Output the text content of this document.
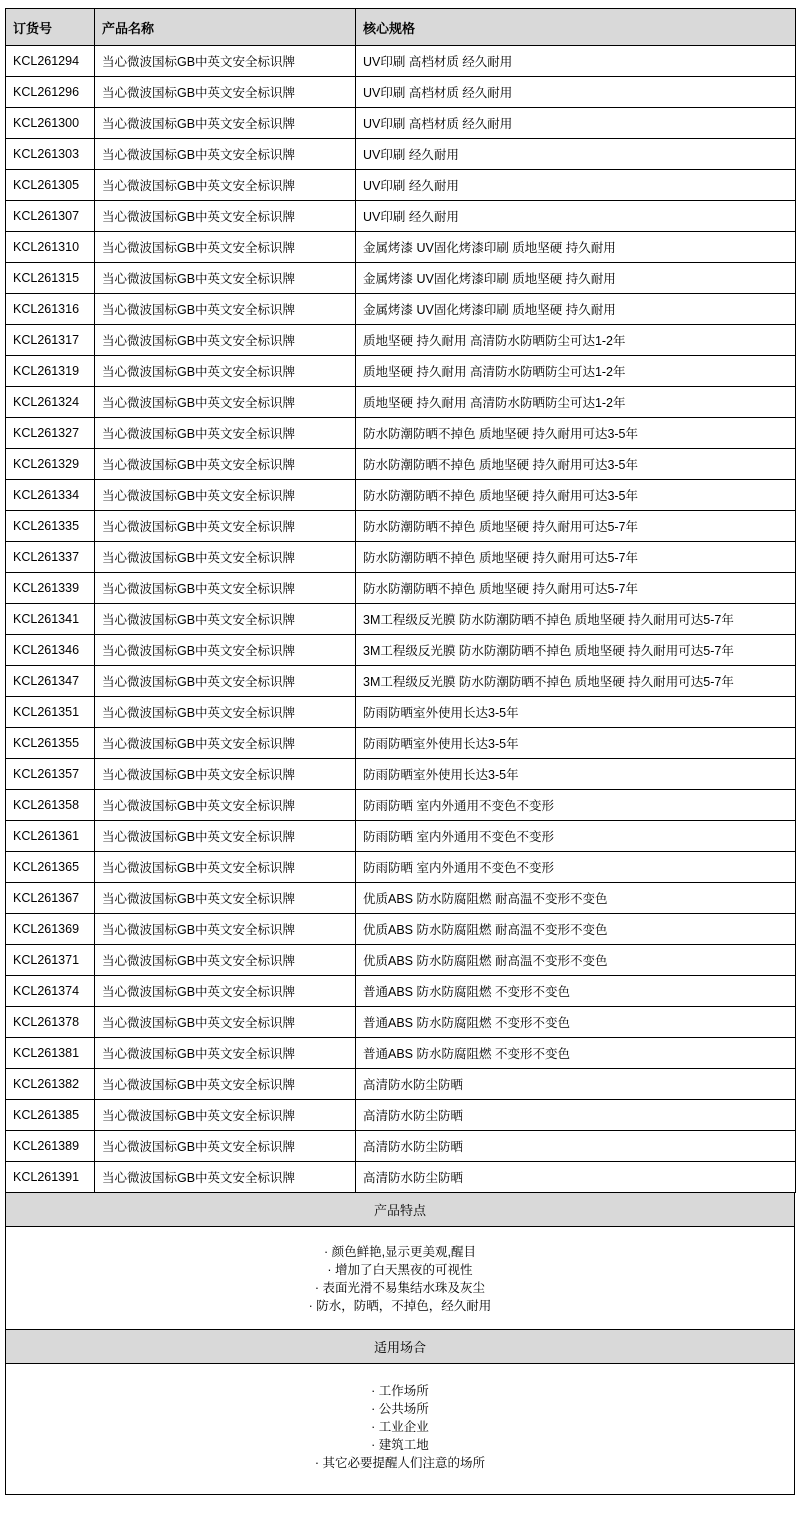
订货号	产品名称	核心规格
KCL261294	当心微波国标GB中英文安全标识牌	UV印刷 高档材质 经久耐用
KCL261296	当心微波国标GB中英文安全标识牌	UV印刷 高档材质 经久耐用
KCL261300	当心微波国标GB中英文安全标识牌	UV印刷 高档材质 经久耐用
KCL261303	当心微波国标GB中英文安全标识牌	UV印刷 经久耐用
KCL261305	当心微波国标GB中英文安全标识牌	UV印刷 经久耐用
KCL261307	当心微波国标GB中英文安全标识牌	UV印刷 经久耐用
KCL261310	当心微波国标GB中英文安全标识牌	金属烤漆 UV固化烤漆印刷 质地坚硬 持久耐用
KCL261315	当心微波国标GB中英文安全标识牌	金属烤漆 UV固化烤漆印刷 质地坚硬 持久耐用
KCL261316	当心微波国标GB中英文安全标识牌	金属烤漆 UV固化烤漆印刷 质地坚硬 持久耐用
KCL261317	当心微波国标GB中英文安全标识牌	质地坚硬 持久耐用 高清防水防晒防尘可达1-2年
KCL261319	当心微波国标GB中英文安全标识牌	质地坚硬 持久耐用 高清防水防晒防尘可达1-2年
KCL261324	当心微波国标GB中英文安全标识牌	质地坚硬 持久耐用 高清防水防晒防尘可达1-2年
KCL261327	当心微波国标GB中英文安全标识牌	防水防潮防晒不掉色 质地坚硬 持久耐用可达3-5年
KCL261329	当心微波国标GB中英文安全标识牌	防水防潮防晒不掉色 质地坚硬 持久耐用可达3-5年
KCL261334	当心微波国标GB中英文安全标识牌	防水防潮防晒不掉色 质地坚硬 持久耐用可达3-5年
KCL261335	当心微波国标GB中英文安全标识牌	防水防潮防晒不掉色 质地坚硬 持久耐用可达5-7年
KCL261337	当心微波国标GB中英文安全标识牌	防水防潮防晒不掉色 质地坚硬 持久耐用可达5-7年
KCL261339	当心微波国标GB中英文安全标识牌	防水防潮防晒不掉色 质地坚硬 持久耐用可达5-7年
KCL261341	当心微波国标GB中英文安全标识牌	3M工程级反光膜 防水防潮防晒不掉色 质地坚硬 持久耐用可达5-7年
KCL261346	当心微波国标GB中英文安全标识牌	3M工程级反光膜 防水防潮防晒不掉色 质地坚硬 持久耐用可达5-7年
KCL261347	当心微波国标GB中英文安全标识牌	3M工程级反光膜 防水防潮防晒不掉色 质地坚硬 持久耐用可达5-7年
KCL261351	当心微波国标GB中英文安全标识牌	防雨防晒室外使用长达3-5年
KCL261355	当心微波国标GB中英文安全标识牌	防雨防晒室外使用长达3-5年
KCL261357	当心微波国标GB中英文安全标识牌	防雨防晒室外使用长达3-5年
KCL261358	当心微波国标GB中英文安全标识牌	防雨防晒 室内外通用不变色不变形
KCL261361	当心微波国标GB中英文安全标识牌	防雨防晒 室内外通用不变色不变形
KCL261365	当心微波国标GB中英文安全标识牌	防雨防晒 室内外通用不变色不变形
KCL261367	当心微波国标GB中英文安全标识牌	优质ABS 防水防腐阻燃 耐高温不变形不变色
KCL261369	当心微波国标GB中英文安全标识牌	优质ABS 防水防腐阻燃 耐高温不变形不变色
KCL261371	当心微波国标GB中英文安全标识牌	优质ABS 防水防腐阻燃 耐高温不变形不变色
KCL261374	当心微波国标GB中英文安全标识牌	普通ABS 防水防腐阻燃 不变形不变色
KCL261378	当心微波国标GB中英文安全标识牌	普通ABS 防水防腐阻燃 不变形不变色
KCL261381	当心微波国标GB中英文安全标识牌	普通ABS 防水防腐阻燃 不变形不变色
KCL261382	当心微波国标GB中英文安全标识牌	高清防水防尘防晒
KCL261385	当心微波国标GB中英文安全标识牌	高清防水防尘防晒
KCL261389	当心微波国标GB中英文安全标识牌	高清防水防尘防晒
KCL261391	当心微波国标GB中英文安全标识牌	高清防水防尘防晒
产品特点
· 颜色鲜艳,显示更美观,醒目
· 增加了白天黑夜的可视性
· 表面光滑不易集结水珠及灰尘
· 防水，防晒，不掉色，经久耐用
适用场合
· 工作场所
· 公共场所
· 工业企业
· 建筑工地
· 其它必要提醒人们注意的场所
